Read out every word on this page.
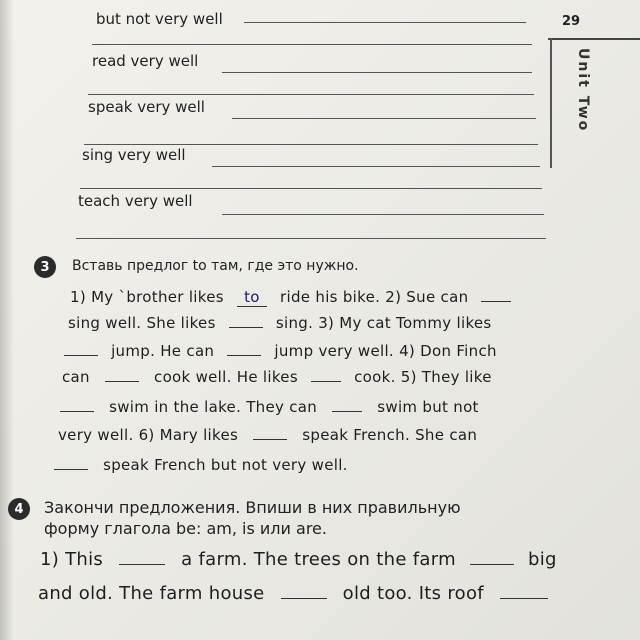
29
Unit Two
but not very well
read very well
speak very well
sing very well
teach very well
3	Вставь предлог to там, где это нужно.
1) My `brother likes to ride his bike. 2) Sue can
sing well. She likes	sing. 3) My cat Tommy likes
jump. He can	jump very well. 4) Don Finch
can	cook well. He likes	cook. 5) They like
swim in the lake. They can	swim but not
very well. 6) Mary likes	speak French. She can
speak French but not very well.
4	Закончи предложения. Впиши в них правильную
форму глагола be: am, is или are.
1) This	a farm. The trees on the farm	big
and old. The farm house	old too. Its roof
